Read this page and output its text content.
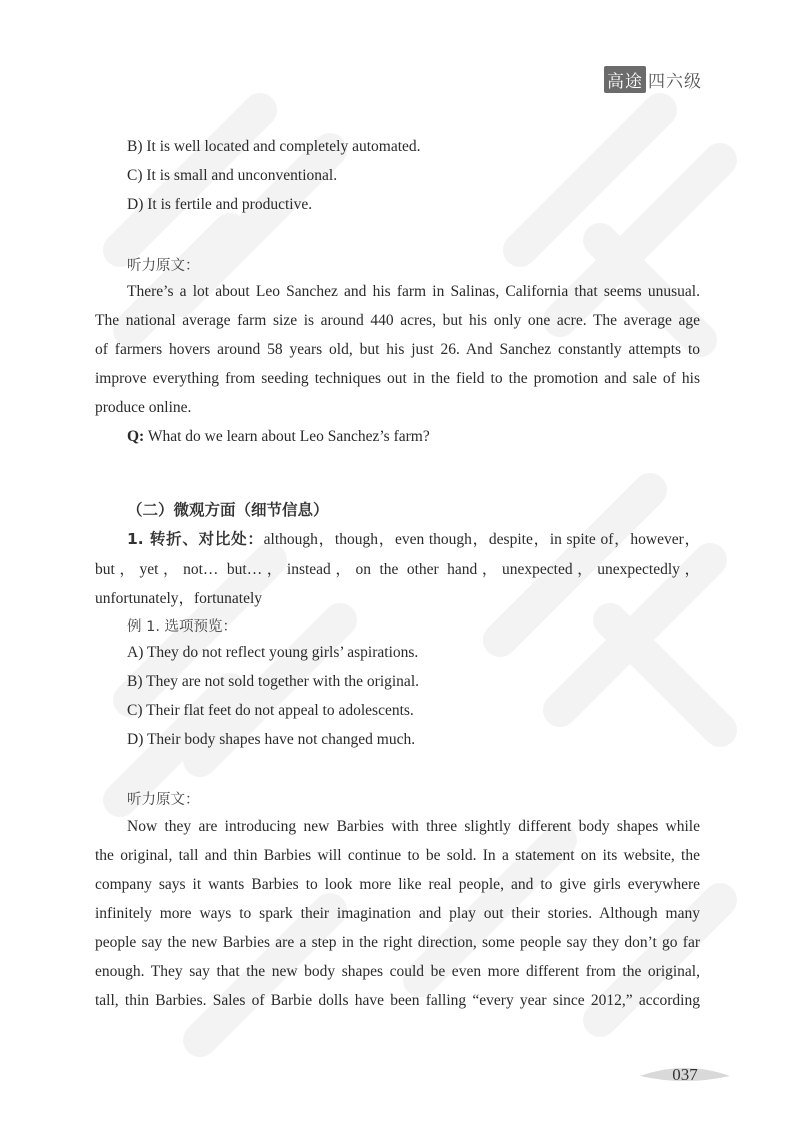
高途 四六级
B) It is well located and completely automated.
C) It is small and unconventional.
D) It is fertile and productive.
听力原文：
There’s a lot about Leo Sanchez and his farm in Salinas, California that seems unusual.
The national average farm size is around 440 acres, but his only one acre. The average age
of farmers hovers around 58 years old, but his just 26. And Sanchez constantly attempts to
improve everything from seeding techniques out in the field to the promotion and sale of his
produce online.
Q: What do we learn about Leo Sanchez’s farm?
（二）微观方面（细节信息）
1. 转折、对比处：although，though，even though，despite，in spite of，however，
but，yet，not… but…，instead，on the other hand，unexpected，unexpectedly，
unfortunately，fortunately
例 1. 选项预览：
A) They do not reflect young girls’ aspirations.
B) They are not sold together with the original.
C) Their flat feet do not appeal to adolescents.
D) Their body shapes have not changed much.
听力原文：
Now they are introducing new Barbies with three slightly different body shapes while
the original, tall and thin Barbies will continue to be sold. In a statement on its website, the
company says it wants Barbies to look more like real people, and to give girls everywhere
infinitely more ways to spark their imagination and play out their stories. Although many
people say the new Barbies are a step in the right direction, some people say they don’t go far
enough. They say that the new body shapes could be even more different from the original,
tall, thin Barbies. Sales of Barbie dolls have been falling “every year since 2012,” according
037
